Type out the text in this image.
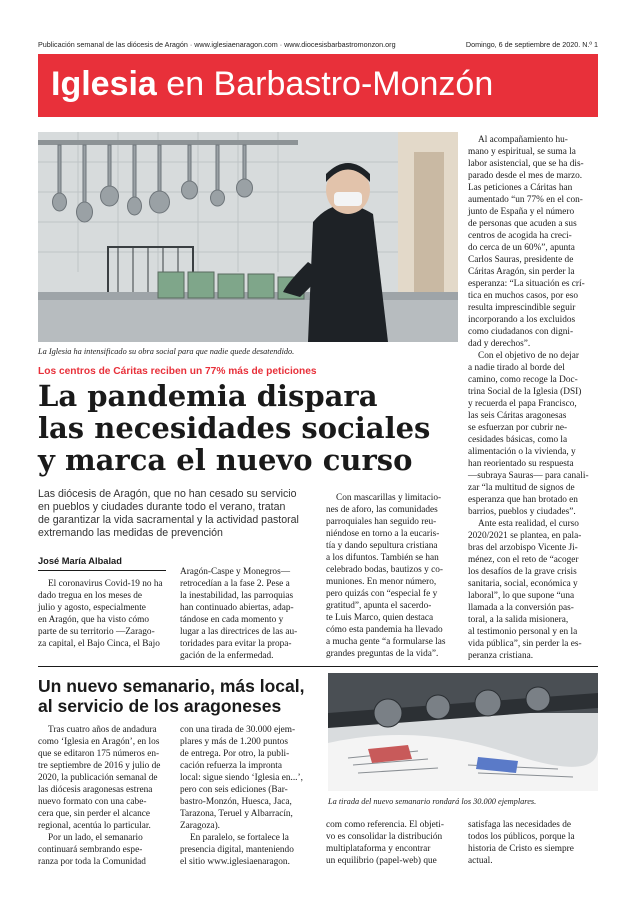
Publicación semanal de las diócesis de Aragón · www.iglesiaenaragon.com · www.diocesisbarbastromonzon.org	Domingo, 6 de septiembre de 2020. N.º 1
Iglesia en Barbastro-Monzón
La Iglesia ha intensificado su obra social para que nadie quede desatendido.
Los centros de Cáritas reciben un 77% más de peticiones
La pandemia dispara
las necesidades sociales
y marca el nuevo curso
Las diócesis de Aragón, que no han cesado su servicio
en pueblos y ciudades durante todo el verano, tratan
de garantizar la vida sacramental y la actividad pastoral
extremando las medidas de prevención
José María Albalad
El coronavirus Covid-19 no ha
dado tregua en los meses de
julio y agosto, especialmente
en Aragón, que ha visto cómo
parte de su territorio —Zarago-
za capital, el Bajo Cinca, el Bajo
Aragón-Caspe y Monegros—
retrocedían a la fase 2. Pese a
la inestabilidad, las parroquias
han continuado abiertas, adap-
tándose en cada momento y
lugar a las directrices de las au-
toridades para evitar la propa-
gación de la enfermedad.
Con mascarillas y limitacio-
nes de aforo, las comunidades
parroquiales han seguido reu-
niéndose en torno a la eucaris-
tía y dando sepultura cristiana
a los difuntos. También se han
celebrado bodas, bautizos y co-
muniones. En menor número,
pero quizás con “especial fe y
gratitud”, apunta el sacerdo-
te Luis Marco, quien destaca
cómo esta pandemia ha llevado
a mucha gente “a formularse las
grandes preguntas de la vida”.
Al acompañamiento hu-
mano y espiritual, se suma la
labor asistencial, que se ha dis-
parado desde el mes de marzo.
Las peticiones a Cáritas han
aumentado “un 77% en el con-
junto de España y el número
de personas que acuden a sus
centros de acogida ha creci-
do cerca de un 60%”, apunta
Carlos Sauras, presidente de
Cáritas Aragón, sin perder la
esperanza: “La situación es crí-
tica en muchos casos, por eso
resulta imprescindible seguir
incorporando a los excluidos
como ciudadanos con digni-
dad y derechos”.
Con el objetivo de no dejar
a nadie tirado al borde del
camino, como recoge la Doc-
trina Social de la Iglesia (DSI)
y recuerda el papa Francisco,
las seis Cáritas aragonesas
se esfuerzan por cubrir ne-
cesidades básicas, como la
alimentación o la vivienda, y
han reorientado su respuesta
—subraya Sauras— para canali-
zar “la multitud de signos de
esperanza que han brotado en
barrios, pueblos y ciudades”.
Ante esta realidad, el curso
2020/2021 se plantea, en pala-
bras del arzobispo Vicente Ji-
ménez, con el reto de “acoger
los desafíos de la grave crisis
sanitaria, social, económica y
laboral”, lo que supone “una
llamada a la conversión pas-
toral, a la salida misionera,
al testimonio personal y en la
vida pública”, sin perder la es-
peranza cristiana.
Un nuevo semanario, más local,
al servicio de los aragoneses
La tirada del nuevo semanario rondará los 30.000 ejemplares.
Tras cuatro años de andadura
como ‘Iglesia en Aragón’, en los
que se editaron 175 números en-
tre septiembre de 2016 y julio de
2020, la publicación semanal de
las diócesis aragonesas estrena
nuevo formato con una cabe-
cera que, sin perder el alcance
regional, acentúa lo particular.
Por un lado, el semanario
continuará sembrando espe-
ranza por toda la Comunidad
con una tirada de 30.000 ejem-
plares y más de 1.200 puntos
de entrega. Por otro, la publi-
cación refuerza la impronta
local: sigue siendo ‘Iglesia en...’,
pero con seis ediciones (Bar-
bastro-Monzón, Huesca, Jaca,
Tarazona, Teruel y Albarracín,
Zaragoza).
En paralelo, se fortalece la
presencia digital, manteniendo
el sitio www.iglesiaenaragon.
com como referencia. El objeti-
vo es consolidar la distribución
multiplataforma y encontrar
un equilibrio (papel-web) que
satisfaga las necesidades de
todos los públicos, porque la
historia de Cristo es siempre
actual.
